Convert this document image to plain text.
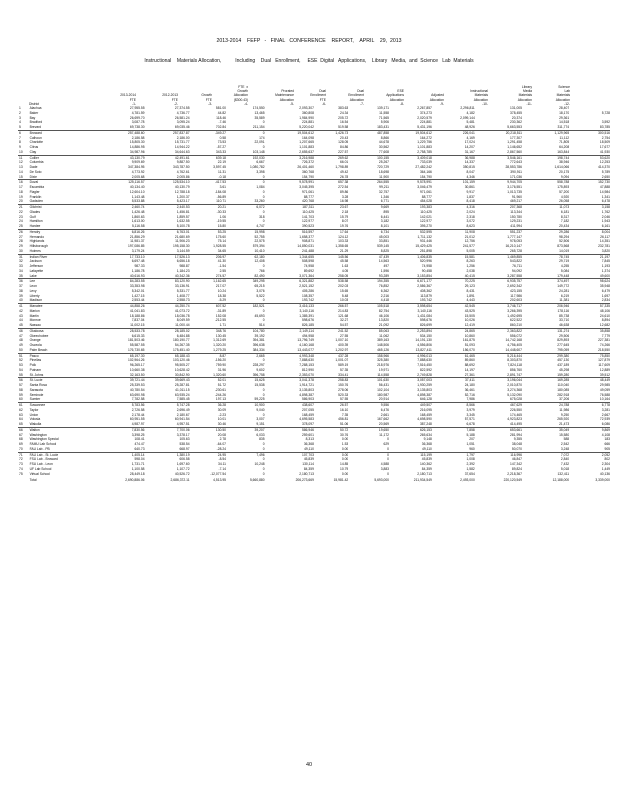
2013-2014    FEFP   -   FINAL   CONFERENCE    REPORT,    APRIL    29,  2013
Instructional    Materials Allocation,          Including    Dual   Enrollment,     ESE  Digital   Applications,    Library   Media,  and  Science   Lab  Materials
District
2013-2014
FTE
-1-
2012-2013
FTE
-2-
Growth
FTE
-3-
FTE  x
Growth
Allocation
($300.43)
-4-
Prorated
Maintenance
Allocation
-5-
Dual
Enrollment
FTE
-6-
Dual
Enrollment
Allocation
-7-
ESE
Applications
Allocation
-8-
Adjusted
Allocation
-9-
Instructional
Materials
Allocation
-10-
Library
Media
Materials
Allocation
-11-
Science
Lab
Materials
Allocation
-12-
1	Alachua	27,955.55	27,374.55	581.00	174,550	2,093,307	383.63	139,171	2,267,857	2,296,811	131,005	28,407	
2	Baker	4,781.59	4,736.77	44.82	13,465	360,808	24.34	11,558	374,273	4,182	378,455	18,170	5,728
3	Bay	26,699.70	26,581.24	118.46	35,589	1,984,990	205.72	71,565	2,020,579	2,099,144	20,374	29,361	
4	Bradford	3,087.78	3,095.24	-7.46	0	224,881	16.54	5,906	224,881	5,481	230,362	14,518	3,592
5	Brevard	69,738.30	69,035.46	702.84	211,154	5,220,042	519.58	183,431	5,431,196	48,926	5,663,553	311,774	83,785
6	Broward	257,488.60	257,837.87	-349.27	0	19,504,612	1,426.73	487,858	19,504,612	226,041	20,218,511	1,129,965	300,516
7	Calhoun	2,186.58	2,186.00	0.58	174	164,098	20.43	8,866	164,272	4,169	177,307	11,112	2,754
8	Charlotte	15,805.30	15,731.77	73.53	22,091	1,207,665	128.05	44,678	1,229,756	17,024	1,291,458	71,805	18,509
9	Citrus	14,886.95	14,944.22	-57.27	0	1,101,883	84.86	30,562	1,101,883	14,207	1,146,652	64,208	17,677
10	Clay	34,987.96	34,644.63	343.33	103,148	2,655,637	227.57	77,608	2,758,785	31,167	2,867,560	163,844	41,930
11	Collier	43,130.79	42,491.61	639.18	192,030	3,216,988	269.62	100,155	3,409,018	36,988	3,546,161	198,744	53,620
12	Columbia	9,909.69	9,887.50	22.19	6,667	726,372	66.01	25,267	733,039	14,337	772,643	38,946	12,253
13	Dade	347,384.95	343,787.50	3,597.45	1,080,782	26,401,460	1,798.89	720,729	27,482,242	350,815	28,553,786	1,614,066	414,370
14	De Soto	4,773.92	4,762.61	11.31	3,398	360,768	49.42	18,698	364,166	8,047	390,911	20,175	5,789
15	Dixie	2,005.68	2,005.86	-0.18	0	154,790	26.78	11,900	154,790	4,346	171,036	9,094	2,650
16	Duval	125,116.57	125,534.10	-417.53	0	9,578,991	657.38	264,555	9,578,991	101,159	9,944,705	558,788	152,730
17	Escambia	40,134.40	40,130.79	3.61	1,084	3,045,395	272.54	99,211	3,046,479	30,861	3,176,551	175,893	47,888
18	Flagler	12,604.10	12,788.18	-184.08	0	971,061	89.86	32,757	971,061	9,917	1,013,735	57,200	14,984
19	Franklin	1,143.48	1,200.37	-56.89	0	88,777	3.28	1,346	88,777	1,837	91,960	4,920	1,341
20	Gadsden	5,533.88	5,423.17	110.71	33,260	420,768	16.98	6,771	454,028	8,418	469,217	26,058	6,478
21	Gilchrist	2,460.74	2,440.53	20.21	6,072	187,311	23.67	9,669	193,383	4,316	207,368	11,073	3,158
22	Glades	1,426.48	1,456.81	-30.33	0	110,425	2.18	895	110,425	2,024	113,344	6,181	1,762
23	Gulf	1,860.63	1,859.57	1.06	318	141,703	15.79	6,441	142,021	2,318	150,780	8,317	2,046
24	Hamilton	1,613.00	1,632.55	-19.55	0	122,977	8.07	3,182	122,977	3,072	129,231	7,182	1,943
25	Hardee	5,116.58	5,100.78	15.80	4,747	390,523	19.76	8,101	395,270	8,623	411,994	20,434	6,161
26	Hendry	6,816.26	6,763.01	53.25	15,998	516,597	17.64	6,734	532,595	11,908	551,237	29,286	8,004
27	Hernando	21,856.29	21,680.69	175.60	52,755	1,658,377	124.12	45,003	1,711,132	21,012	1,777,147	98,294	26,117
28	Highlands	11,981.37	11,906.23	75.14	22,575	908,871	103.33	33,851	931,446	12,756	978,053	52,506	14,351
29	Hillsborough	197,086.85	195,158.30	1,928.55	579,394	14,850,031	1,358.65	539,145	15,429,425	241,577	16,210,147	873,568	232,781
30	Holmes	3,179.24	3,144.59	34.65	10,410	241,488	21.29	8,825	251,898	5,005	265,728	14,019	3,820
31	Indian River	17,733.10	17,526.13	206.97	62,180	1,344,655	145.56	47,439	1,406,835	15,581	1,469,855	78,745	21,197
32	Jackson	6,697.48	6,656.18	41.30	12,408	508,598	45.58	14,563	520,996	8,263	543,822	29,719	7,845
33	Jefferson	987.33	988.87	-1.54	0	74,958	1.63	497	74,958	1,256	76,711	4,255	1,193
34	Lafayette	1,186.78	1,184.23	2.55	766	89,692	4.05	1,596	90,458	2,038	94,092	5,084	1,374
35	Lake	40,616.93	40,342.36	274.57	82,490	3,071,364	258.05	93,289	3,153,854	40,415	3,287,558	179,448	49,600
36	Lee	84,283.55	83,120.90	1,162.65	349,295	6,321,882	538.58	194,355	6,671,177	70,225	6,935,757	374,497	98,624
37	Leon	33,353.98	33,136.91	217.07	65,215	2,521,152	202.03	76,852	2,586,367	29,123	2,692,342	149,772	35,948
38	Levy	5,342.01	5,331.77	10.24	3,076	405,286	15.65	6,362	408,362	8,431	423,155	24,281	6,479
39	Liberty	1,427.15	1,408.77	18.38	5,522	108,357	5.48	2,216	113,879	1,891	117,986	6,219	1,697
40	Madison	2,553.44	2,558.73	-5.29	0	193,742	10.03	4,418	193,742	4,443	202,603	11,381	2,834
41	Manatee	44,858.26	44,250.74	607.52	182,521	3,416,133	266.57	105,518	3,598,654	42,545	3,746,717	206,946	57,335
42	Marion	41,041.83	41,073.72	-31.89	0	3,140,116	214.83	82,754	3,140,116	43,525	3,266,395	178,116	48,106
43	Martin	18,188.86	18,036.78	152.08	45,693	1,385,391	121.68	46,106	1,431,084	15,505	1,492,695	85,738	24,610
44	Monroe	7,837.04	8,049.59	-212.55	0	598,676	32.27	13,820	598,676	10,026	622,522	33,710	8,894
45	Nassau	11,002.15	11,000.44	1.71	514	826,185	54.57	21,092	826,699	12,419	860,210	46,638	12,682
46	Okaloosa	28,533.78	28,185.02	348.76	104,780	2,149,114	241.52	85,063	2,253,894	24,865	2,363,822	131,274	35,858
47	Okeechobee	6,615.33	6,484.88	130.45	39,192	494,958	27.55	11,062	534,150	10,860	556,072	29,506	7,779
48	Orange	181,503.46	180,190.77	1,312.69	394,381	13,796,749	1,007.10	389,163	14,191,130	161,875	14,742,168	829,893	227,381
49	Osceola	55,587.55	54,267.35	1,320.20	396,638	4,160,168	400.39	148,506	4,556,806	51,093	4,756,405	277,645	74,266
50	Palm Beach	176,730.65	175,451.40	1,279.25	384,334	13,443,077	1,202.97	465,126	13,827,411	156,070	14,448,607	795,059	218,550
51	Pasco	65,197.30	65,188.43	8.87	2,665	4,993,348	437.28	158,966	4,996,013	61,465	5,216,444	299,380	75,850
52	Pinellas	102,964.26	103,120.46	-156.20	0	7,888,630	1,001.07	325,380	7,888,630	89,860	8,303,870	457,130	127,879
53	Polk	96,265.17	95,505.27	759.90	228,297	7,288,153	589.19	218,976	7,516,450	88,692	7,824,118	437,189	117,609
54	Putnam	10,660.38	10,628.42	31.96	9,602	812,990	57.35	19,971	822,592	14,197	856,760	45,298	12,889
55	St. Johns	32,163.50	30,842.90	1,320.60	396,758	2,353,070	334.41	114,558	2,749,828	27,361	2,891,747	159,280	39,512
56	St. Lucie	39,721.44	39,669.43	52.01	15,625	3,041,378	258.83	101,630	3,057,003	37,411	3,196,044	169,285	48,449
57	Santa Rosa	25,339.53	25,287.81	51.72	15,538	1,914,721	150.76	56,431	1,930,259	24,180	2,010,870	110,040	29,985
58	Sarasota	40,780.54	41,011.15	-230.61	0	3,135,803	278.06	102,104	3,135,803	36,461	3,274,368	180,085	49,059
59	Seminole	63,690.98	63,935.24	-244.26	0	4,898,387	520.33	180,987	4,898,387	52,716	5,132,090	282,918	76,588
60	Sumter	7,782.58	7,585.45	197.13	59,225	586,903	57.55	20,914	646,128	7,986	675,028	37,206	10,164
61	Suwannee	5,783.56	5,747.28	36.28	10,900	438,607	26.57	9,556	449,507	8,566	467,629	24,788	6,778
62	Taylor	2,726.58	2,696.49	30.09	9,040	207,055	16.10	6,476	216,095	3,979	226,550	11,986	3,281
63	Union	2,178.44	2,180.67	-2.23	0	168,459	7.35	2,661	168,459	3,345	174,465	9,250	2,667
64	Volusia	60,951.55	60,941.54	10.01	3,007	4,695,583	456.81	167,662	4,698,590	57,571	4,923,823	265,920	72,939
65	Wakulla	4,987.97	4,957.51	30.46	9,151	378,097	51.06	20,569	387,248	6,678	414,495	21,473	6,086
66	Walton	7,830.56	7,700.06	130.50	39,207	586,946	50.72	19,650	626,153	7,858	653,661	35,049	9,869
67	Washington	3,398.25	3,378.17	20.08	6,033	259,601	30.76	11,172	265,634	5,188	281,994	15,580	4,108
68	Washington Special	108.41	105.63	2.78	835	8,313	0.00	0	9,148	207	9,355	588	183
69	FAMU Lab School	474.47	538.54	-64.07	0	36,368	1.53	629	36,368	1,051	38,048	2,542	666
70	FAU Lab - PB	640.73	668.97	-28.24	0	49,110	0.00	0	49,110	960	50,070	3,248	905
71	FAU Lab - St. Lucie	1,405.14	1,380.19	24.95	7,496	107,703	0.00	0	115,199	1,797	116,996	7,072	2,052
72	FSU Lab - Broward	598.04	606.58	-8.54	0	45,839	0.00	0	45,839	1,008	46,847	2,840	802
73	FSU Lab - Leon	1,731.71	1,697.60	34.11	10,248	130,114	14.85	4,588	140,362	2,392	147,342	7,432	2,304
74	UF Lab School	1,100.58	1,107.72	-7.14	0	84,359	10.79	3,883	84,359	1,582	89,824	5,018	1,449
75	Virtual School	28,449.18	40,526.72	-12,077.54	0	2,180,713	0.00	0	2,180,713	37,654	2,218,367	132,411	40,136
	Total	2,690,886.06	2,686,372.11	4,513.95	5,660,880	206,273,669	15,981.42	5,693,000	211,934,549	2,493,000	220,120,549	12,188,000	3,339,000
40
